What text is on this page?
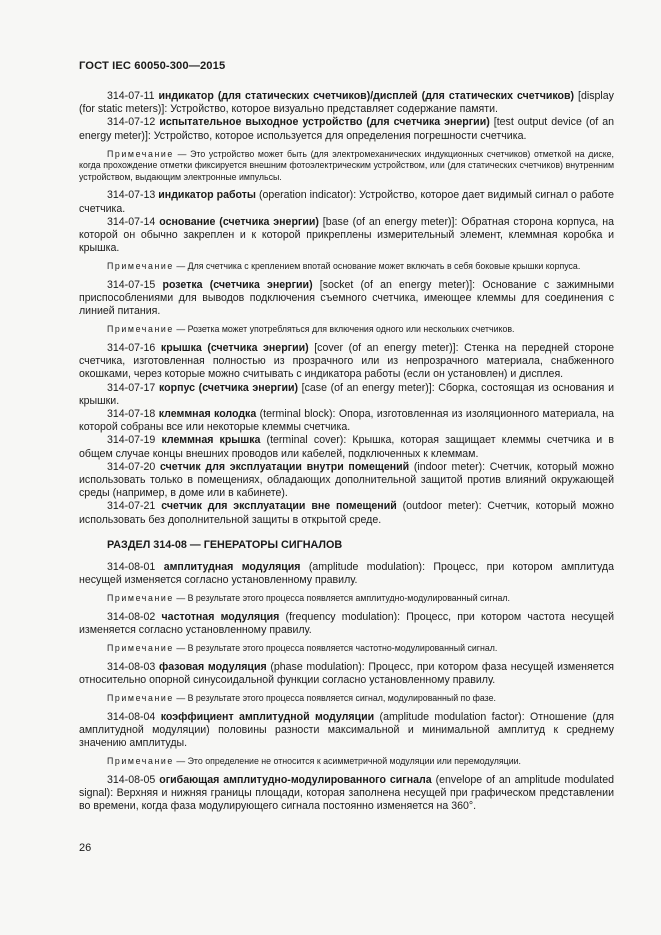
ГОСТ IEC 60050-300—2015

314-07-11 индикатор (для статических счетчиков)/дисплей (для статических счетчиков) [display (for static meters)]: Устройство, которое визуально представляет содержание памяти.

314-07-12 испытательное выходное устройство (для счетчика энергии) [test output device (of an energy meter)]: Устройство, которое используется для определения погрешности счетчика.

Примечание — Это устройство может быть (для электромеханических индукционных счетчиков) отметкой на диске, когда прохождение отметки фиксируется внешним фотоэлектрическим устройством, или (для статических счетчиков) внутренним устройством, выдающим электронные импульсы.

314-07-13 индикатор работы (operation indicator): Устройство, которое дает видимый сигнал о работе счетчика.

314-07-14 основание (счетчика энергии) [base (of an energy meter)]: Обратная сторона корпуса, на которой он обычно закреплен и к которой прикреплены измерительный элемент, клеммная коробка и крышка.

Примечание — Для счетчика с креплением впотай основание может включать в себя боковые крышки корпуса.

314-07-15 розетка (счетчика энергии) [socket (of an energy meter)]: Основание с зажимными приспособлениями для выводов подключения съемного счетчика, имеющее клеммы для соединения с линией питания.

Примечание — Розетка может употребляться для включения одного или нескольких счетчиков.

314-07-16 крышка (счетчика энергии) [cover (of an energy meter)]: Стенка на передней стороне счетчика, изготовленная полностью из прозрачного или из непрозрачного материала, снабженного окошками, через которые можно считывать с индикатора работы (если он установлен) и дисплея.

314-07-17 корпус (счетчика энергии) [case (of an energy meter)]: Сборка, состоящая из основания и крышки.

314-07-18 клеммная колодка (terminal block): Опора, изготовленная из изоляционного материала, на которой собраны все или некоторые клеммы счетчика.

314-07-19 клеммная крышка (terminal cover): Крышка, которая защищает клеммы счетчика и в общем случае концы внешних проводов или кабелей, подключенных к клеммам.

314-07-20 счетчик для эксплуатации внутри помещений (indoor meter): Счетчик, который можно использовать только в помещениях, обладающих дополнительной защитой против влияний окружающей среды (например, в доме или в кабинете).

314-07-21 счетчик для эксплуатации вне помещений (outdoor meter): Счетчик, который можно использовать без дополнительной защиты в открытой среде.

РАЗДЕЛ 314-08 — ГЕНЕРАТОРЫ СИГНАЛОВ

314-08-01 амплитудная модуляция (amplitude modulation): Процесс, при котором амплитуда несущей изменяется согласно установленному правилу.

Примечание — В результате этого процесса появляется амплитудно-модулированный сигнал.

314-08-02 частотная модуляция (frequency modulation): Процесс, при котором частота несущей изменяется согласно установленному правилу.

Примечание — В результате этого процесса появляется частотно-модулированный сигнал.

314-08-03 фазовая модуляция (phase modulation): Процесс, при котором фаза несущей изменяется относительно опорной синусоидальной функции согласно установленному правилу.

Примечание — В результате этого процесса появляется сигнал, модулированный по фазе.

314-08-04 коэффициент амплитудной модуляции (amplitude modulation factor): Отношение (для амплитудной модуляции) половины разности максимальной и минимальной амплитуд к среднему значению амплитуды.

Примечание — Это определение не относится к асимметричной модуляции или перемодуляции.

314-08-05 огибающая амплитудно-модулированного сигнала (envelope of an amplitude modulated signal): Верхняя и нижняя границы площади, которая заполнена несущей при графическом представлении во времени, когда фаза модулирующего сигнала постоянно изменяется на 360°.

26
